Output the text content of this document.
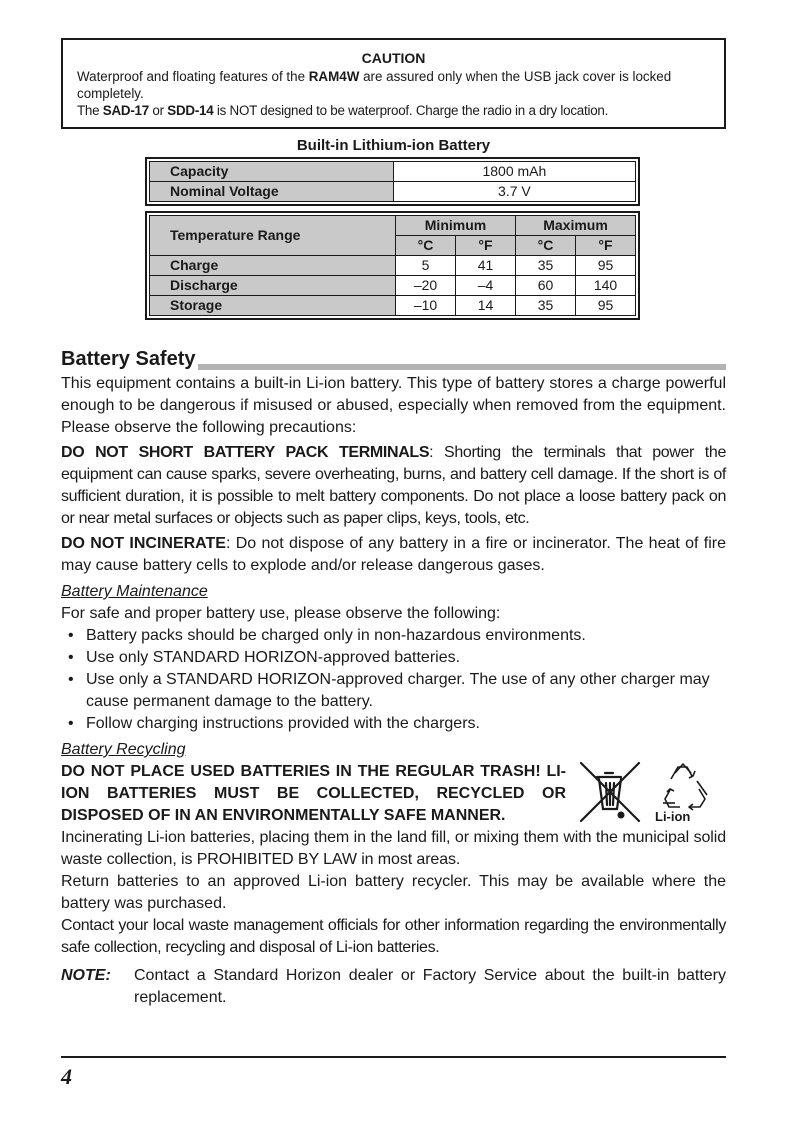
CAUTION

Waterproof and floating features of the RAM4W are assured only when the USB jack cover is locked completely.

The SAD-17 or SDD-14 is NOT designed to be waterproof. Charge the radio in a dry location.

Built-in Lithium-ion Battery
Capacity	1800 mAh
Nominal Voltage	3.7 V

Temperature Range	Minimum		Maximum	
	°C	°F	°C	°F
Charge	5	41	35	95
Discharge	–20	–4	60	140
Storage	–10	14	35	95
Battery Safety

This equipment contains a built-in Li-ion battery. This type of battery stores a charge powerful enough to be dangerous if misused or abused, especially when removed from the equipment. Please observe the following precautions:

DO NOT SHORT BATTERY PACK TERMINALS: Shorting the terminals that power the equipment can cause sparks, severe overheating, burns, and battery cell damage. If the short is of sufficient duration, it is possible to melt battery components. Do not place a loose battery pack on or near metal surfaces or objects such as paper clips, keys, tools, etc.

DO NOT INCINERATE: Do not dispose of any battery in a fire or incinerator. The heat of fire may cause battery cells to explode and/or release dangerous gases.

Battery Maintenance

For safe and proper battery use, please observe the following:

• Battery packs should be charged only in non-hazardous environments.
• Use only STANDARD HORIZON-approved batteries.
• Use only a STANDARD HORIZON-approved charger. The use of any other charger may cause permanent damage to the battery.
• Follow charging instructions provided with the chargers.
Battery Recycling
DO NOT PLACE USED BATTERIES IN THE REGULAR TRASH! LI-ION BATTERIES MUST BE COLLECTED, RECYCLED OR DISPOSED OF IN AN ENVIRONMENTALLY SAFE MANNER.	Li-ion

Incinerating Li-ion batteries, placing them in the land fill, or mixing them with the municipal solid waste collection, is PROHIBITED BY LAW in most areas.

Return batteries to an approved Li-ion battery recycler. This may be available where the battery was purchased.

Contact your local waste management officials for other information regarding the environmentally safe collection, recycling and disposal of Li-ion batteries.

NOTE:	Contact a Standard Horizon dealer or Factory Service about the built-in battery replacement.
4
